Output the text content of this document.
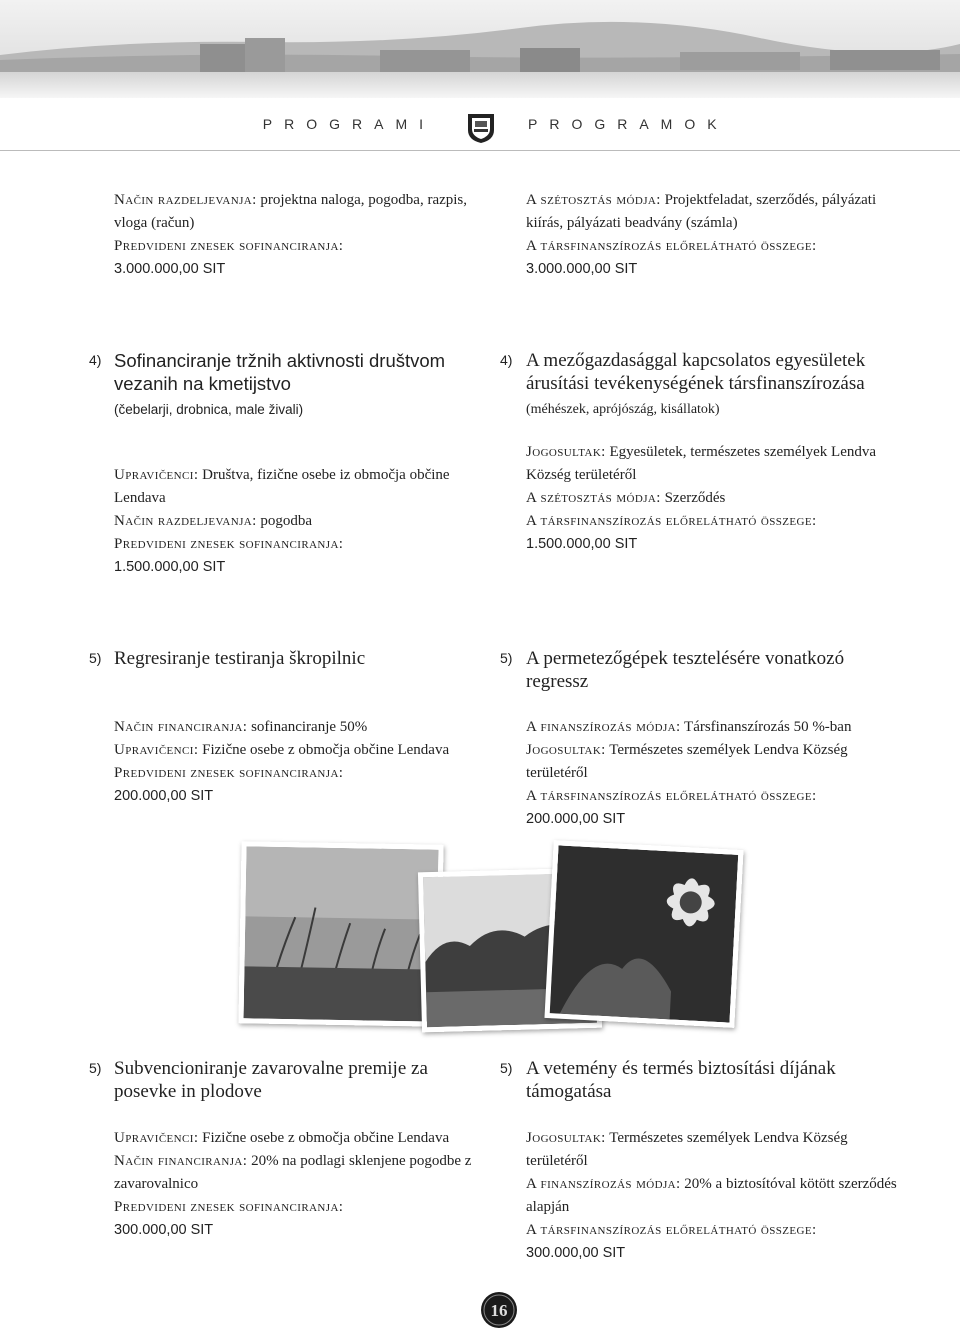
PROGRAMI	PROGRAMOK
Način razdeljevanja: projektna naloga, pogodba, razpis, vloga (račun)
Predvideni znesek sofinanciranja:
3.000.000,00 SIT
A szétosztás módja: Projektfeladat, szerződés, pályázati kiírás, pályázati beadvány (számla)
A társfinanszírozás előrelátható összege:
3.000.000,00 SIT
4) Sofinanciranje tržnih aktivnosti društvom vezanih na kmetijstvo
(čebelarji, drobnica, male živali)
Upravičenci: Društva, fizične osebe iz območja občine Lendava
Način razdeljevanja: pogodba
Predvideni znesek sofinanciranja:
1.500.000,00 SIT
4) A mezőgazdasággal kapcsolatos egyesületek árusítási tevékenységének társfinanszírozása
(méhészek, aprójószág, kisállatok)
Jogosultak: Egyesületek, természetes személyek Lendva Község területéről
A szétosztás módja: Szerződés
A társfinanszírozás előrelátható összege:
1.500.000,00 SIT
5) Regresiranje testiranja škropilnic
Način financiranja: sofinanciranje 50%
Upravičenci: Fizične osebe z območja občine Lendava
Predvideni znesek sofinanciranja:
200.000,00 SIT
5) A permetezőgépek tesztelésére vonatkozó regressz
A finanszírozás módja: Társfinanszírozás 50 %-ban
Jogosultak: Természetes személyek Lendva Község területéről
A társfinanszírozás előrelátható összege:
200.000,00 SIT
5) Subvencioniranje zavarovalne premije za posevke in plodove
Upravičenci: Fizične osebe z območja občine Lendava
Način financiranja: 20% na podlagi sklenjene pogodbe z zavarovalnico
Predvideni znesek sofinanciranja:
300.000,00 SIT
5) A vetemény és termés biztosítási díjának támogatása
Jogosultak: Természetes személyek Lendva Község területéről
A finanszírozás módja: 20% a biztosítóval kötött szerződés alapján
A társfinanszírozás előrelátható összege:
300.000,00 SIT
16
